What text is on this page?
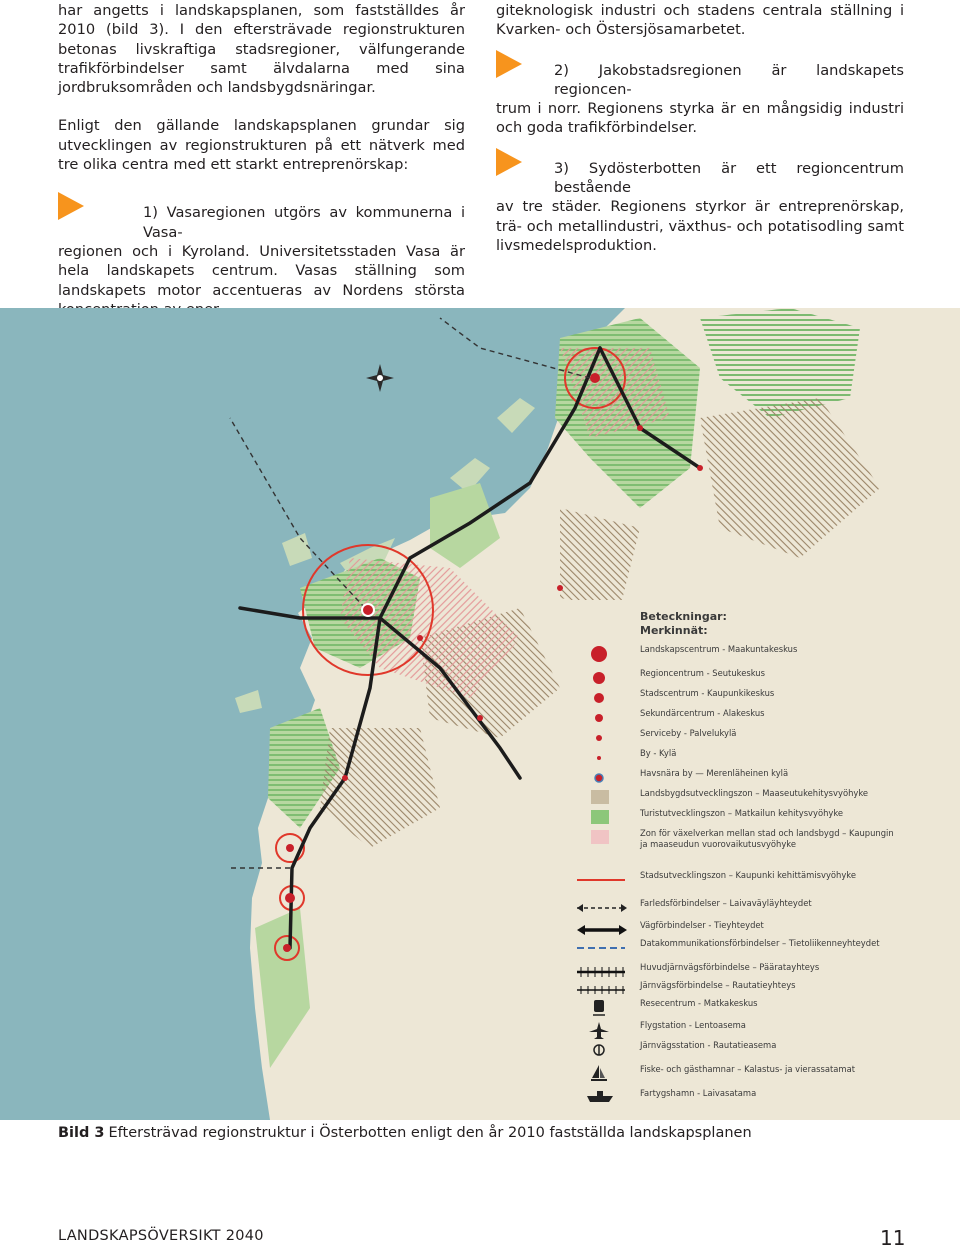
har angetts i landskapsplanen, som fastställdes år 2010 (bild 3). I den eftersträvade regionstrukturen betonas livskraftiga stadsregioner, välfungerande trafikförbindelser samt älvdalarna med sina jordbruksområden och landsbygdsnäringar.

Enligt den gällande landskapsplanen grundar sig utvecklingen av regionstrukturen på ett nätverk med tre olika centra med ett starkt entreprenörskap:

1) Vasaregionen utgörs av kommunerna i Vasa-
regionen och i Kyroland. Universitetsstaden Vasa är hela landskapets centrum. Vasas ställning som landskapets motor accentueras av Nordens största

giteknologisk industri och stadens centrala ställning i Kvarken- och Östersjösamarbetet.

2) Jakobstadsregionen är landskapets regioncen-
trum i norr. Regionens styrka är en mångsidig industri och goda trafikförbindelser.

3) Sydösterbotten är ett regioncentrum bestående
av tre städer. Regionens styrkor är entreprenörskap, trä- och metallindustri, växthus- och potatisodling samt livsmedelsproduktion.

Beteckningar:
Merkinnät:
Landskapscentrum - Maakuntakeskus
Regioncentrum - Seutukeskus
Stadscentrum - Kaupunkikeskus
Sekundärcentrum - Alakeskus
Serviceby - Palvelukylä
By - Kylä
Havsnära by — Merenläheinen kylä
Landsbygdsutvecklingszon – Maaseutukehitysvyöhyke
Turistutvecklingszon – Matkailun kehitysvyöhyke
Zon för växelverkan mellan stad och landsbygd – Kaupungin ja maaseudun vuorovaikutusvyöhyke
Stadsutvecklingszon – Kaupunki kehittämisvyöhyke
Farledsförbindelser – Laivaväyläyhteydet
Vägförbindelser - Tieyhteydet
Datakommunikationsförbindelser – Tietoliikenneyhteydet
Huvudjärnvägsförbindelse – Pääratayhteys
Järnvägsförbindelse – Rautatieyhteys
Resecentrum - Matkakeskus
Flygstation - Lentoasema
Järnvägsstation - Rautatieasema
Fiske- och gästhamnar – Kalastus- ja vierassatamat
Fartygshamn - Laivasatama
Bild 3 Eftersträvad regionstruktur i Österbotten enligt den år 2010 fastställda landskapsplanen
LANDSKAPSÖVERSIKT 2040	11
